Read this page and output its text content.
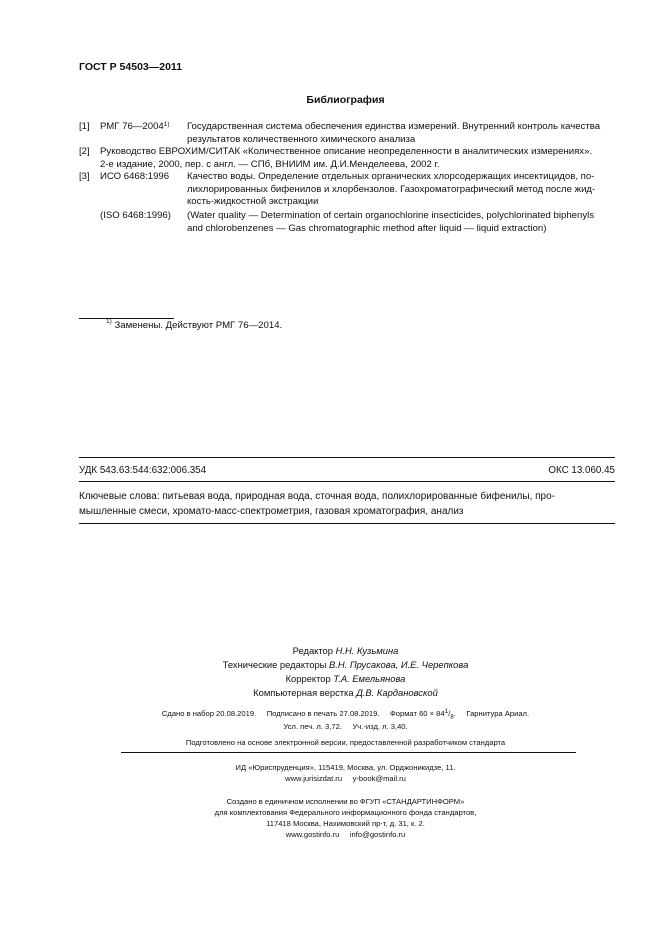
ГОСТ Р 54503—2011
Библиография
[1]	РМГ 76—2004$^{1)}$	Государственная система обеспечения единства измерений. Внутренний контроль качества
результатов количественного химического анализа
[2]	Руководство ЕВРОХИМ/СИТАК «Количественное описание неопределенности в аналитических измерениях».
2-е издание, 2000, пер. с англ. — СПб, ВНИИМ им. Д.И.Менделеева, 2002 г.
[3]	ИСО 6468:1996	Качество воды. Определение отдельных органических хлорсодержащих инсектицидов, по-
лихлорированных бифенилов и хлорбензолов. Газохроматографический метод после жид-
кость-жидкостной экстракции
(ISO 6468:1996)	(Water quality — Determination of certain organochlorine insecticides, polychlorinated biphenyls
and chlorobenzenes — Gas chromatographic method after liquid — liquid extraction)
$^{1)}$ Заменены. Действуют РМГ 76—2014.
УДК 543.63:544:632:006.354	ОКС 13.060.45
Ключевые слова: питьевая вода, природная вода, сточная вода, полихлорированные бифенилы, про-
мышленные смеси, хромато-масс-спектрометрия, газовая хроматография, анализ
Редактор Н.Н. Кузьмина
Технические редакторы В.Н. Прусакова, И.Е. Черепкова
Корректор Т.А. Емельянова
Компьютерная верстка Д.В. Кардановской
Сдано в набор 20.08.2019.     Подписано в печать 27.08.2019.     Формат $60 \times 84^1/_8$.     Гарнитура Ариал.
Усл. печ. л. 3,72.     Уч.-изд. л. 3,40.
Подготовлено на основе электронной версии, предоставленной разработчиком стандарта
ИД «Юриспруденция», 115419, Москва, ул. Орджоникидзе, 11.
www.jurisizdat.ru     y-book@mail.ru
Создано в единичном исполнении во ФГУП «СТАНДАРТИНФОРМ»
для комплектования Федерального информационного фонда стандартов,
117418 Москва, Нахимовский пр-т, д. 31, к. 2.
www.gostinfo.ru     info@gostinfo.ru
